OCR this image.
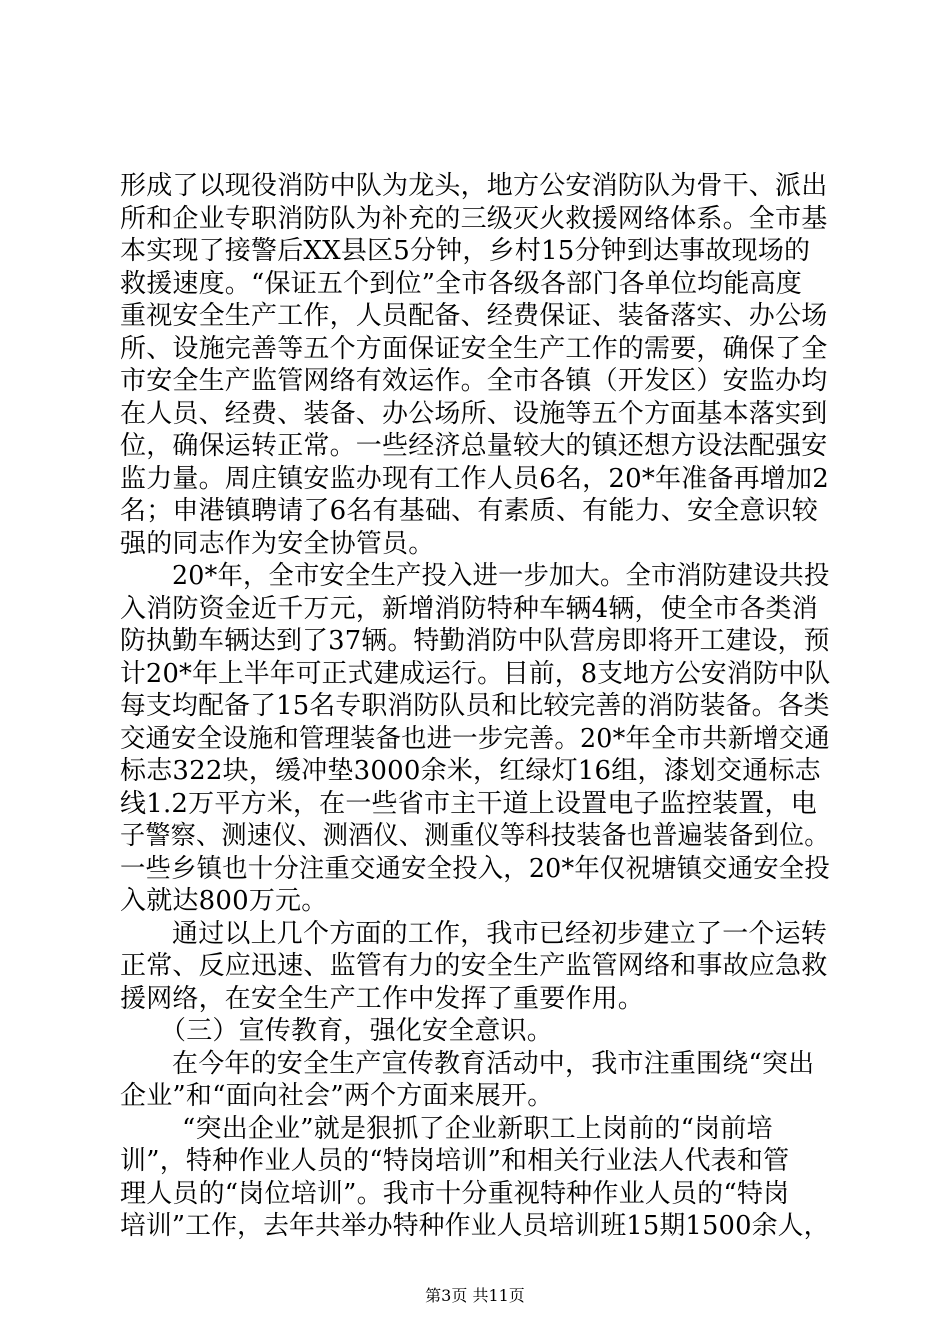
形成了以现役消防中队为龙头，地方公安消防队为骨干、派出
所和企业专职消防队为补充的三级灭火救援网络体系。全市基
本实现了接警后XX县区5分钟，乡村15分钟到达事故现场的
救援速度。“保证五个到位”全市各级各部门各单位均能高度
重视安全生产工作，人员配备、经费保证、装备落实、办公场
所、设施完善等五个方面保证安全生产工作的需要，确保了全
市安全生产监管网络有效运作。全市各镇（开发区）安监办均
在人员、经费、装备、办公场所、设施等五个方面基本落实到
位，确保运转正常。一些经济总量较大的镇还想方设法配强安
监力量。周庄镇安监办现有工作人员6名，20*年准备再增加2
名；申港镇聘请了6名有基础、有素质、有能力、安全意识较
强的同志作为安全协管员。
20*年，全市安全生产投入进一步加大。全市消防建设共投
入消防资金近千万元，新增消防特种车辆4辆，使全市各类消
防执勤车辆达到了37辆。特勤消防中队营房即将开工建设，预
计20*年上半年可正式建成运行。目前，8支地方公安消防中队
每支均配备了15名专职消防队员和比较完善的消防装备。各类
交通安全设施和管理装备也进一步完善。20*年全市共新增交通
标志322块，缓冲垫3000余米，红绿灯16组，漆划交通标志
线1.2万平方米，在一些省市主干道上设置电子监控装置，电
子警察、测速仪、测酒仪、测重仪等科技装备也普遍装备到位。
一些乡镇也十分注重交通安全投入，20*年仅祝塘镇交通安全投
入就达800万元。
通过以上几个方面的工作，我市已经初步建立了一个运转
正常、反应迅速、监管有力的安全生产监管网络和事故应急救
援网络，在安全生产工作中发挥了重要作用。
（三）宣传教育，强化安全意识。
在今年的安全生产宣传教育活动中，我市注重围绕“突出
企业”和“面向社会”两个方面来展开。
“突出企业”就是狠抓了企业新职工上岗前的“岗前培
训”，特种作业人员的“特岗培训”和相关行业法人代表和管
理人员的“岗位培训”。我市十分重视特种作业人员的“特岗
培训”工作，去年共举办特种作业人员培训班15期1500余人，
第3页 共11页
